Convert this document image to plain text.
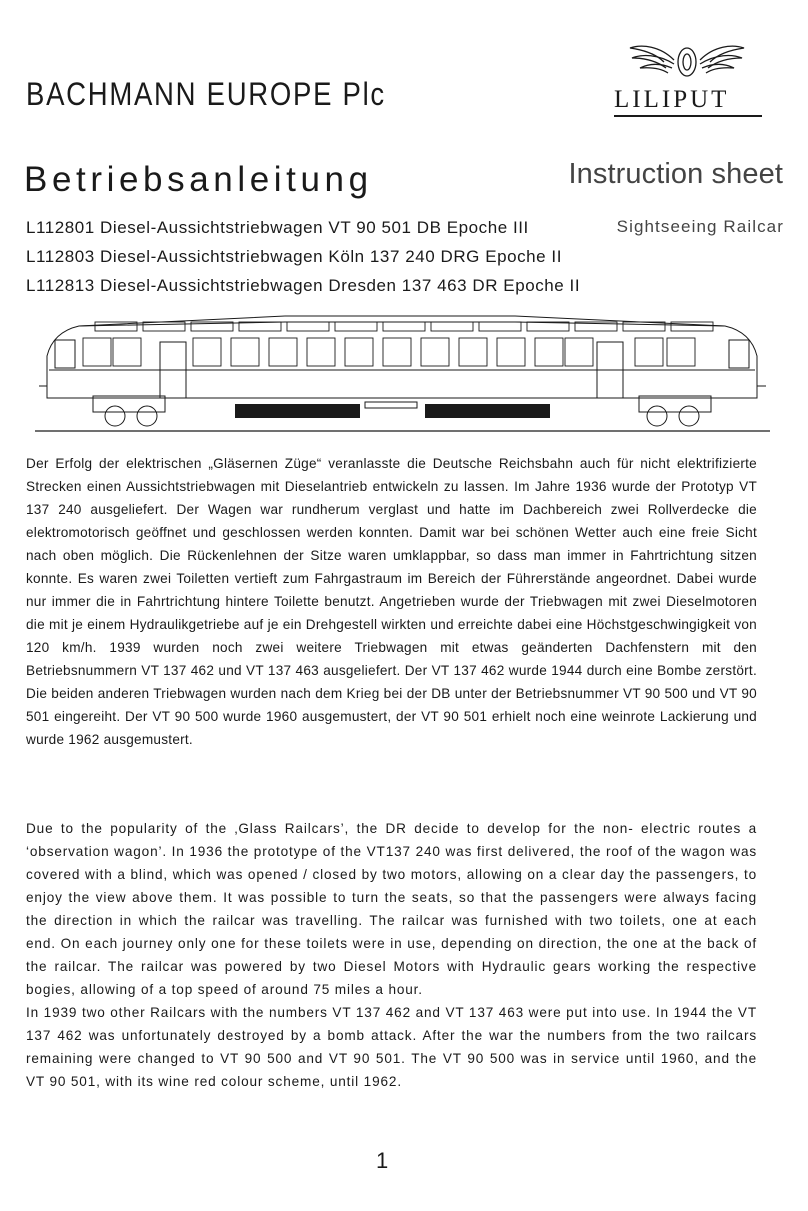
BACHMANN EUROPE Plc	LILIPUT
Betriebsanleitung	Instruction sheet
Sightseeing Railcar
L112801 Diesel-Aussichtstriebwagen VT 90 501 DB Epoche III
L112803 Diesel-Aussichtstriebwagen Köln 137 240 DRG Epoche II
L112813 Diesel-Aussichtstriebwagen Dresden 137 463 DR Epoche II

Der Erfolg der elektrischen „Gläsernen Züge“ veranlasste die Deutsche Reichsbahn auch für nicht elektrifizierte Strecken einen Aussichtstriebwagen mit Dieselantrieb entwickeln zu lassen. Im Jahre 1936 wurde der Prototyp VT 137 240 ausgeliefert. Der Wagen war rundherum verglast und hatte im Dachbereich zwei Rollverdecke die elektromotorisch geöffnet und geschlossen werden konnten. Damit war bei schönen Wetter auch eine freie Sicht nach oben möglich. Die Rückenlehnen der Sitze waren umklappbar, so dass man immer in Fahrtrichtung sitzen konnte. Es waren zwei Toiletten vertieft zum Fahrgastraum im Bereich der Führerstände angeordnet. Dabei wurde nur immer die in Fahrtrichtung hintere Toilette benutzt. Angetrieben wurde der Triebwagen mit zwei Dieselmotoren die mit je einem Hydraulikgetriebe auf je ein Drehgestell wirkten und erreichte dabei eine Höchstgeschwingigkeit von 120 km/h. 1939 wurden noch zwei weitere Triebwagen mit etwas geänderten Dachfenstern mit den Betriebsnummern VT 137 462 und VT 137 463 ausgeliefert. Der VT 137 462 wurde 1944 durch eine Bombe zerstört. Die beiden anderen Triebwagen wurden nach dem Krieg bei der DB unter der Betriebsnummer VT 90 500 und VT 90 501 eingereiht. Der VT 90 500 wurde 1960 ausgemustert, der VT 90 501 erhielt noch eine weinrote Lackierung und wurde 1962 ausgemustert.

Due to the popularity of the ‚Glass Railcars’, the DR decide to develop for the non- electric routes a ‘observation wagon’. In 1936 the prototype of the VT137 240 was first delivered, the roof of the wagon was covered with a blind, which was opened / closed by two motors, allowing on a clear day the passengers, to enjoy the view above them. It was possible to turn the seats, so that the passengers were always facing the direction in which the railcar was travelling. The railcar was furnished with two toilets, one at each end. On each journey only one for these toilets were in use, depending on direction, the one at the back of the railcar. The railcar was powered by two Diesel Motors with Hydraulic gears working the respective bogies, allowing of a top speed of around 75 miles a hour.

In 1939 two other Railcars with the numbers VT 137 462 and VT 137 463 were put into use. In 1944 the VT 137 462 was unfortunately destroyed by a bomb attack. After the war the numbers from the two railcars remaining were changed to VT 90 500 and VT 90 501. The VT 90 500 was in service until 1960, and the VT 90 501, with its wine red colour scheme, until 1962.

1
